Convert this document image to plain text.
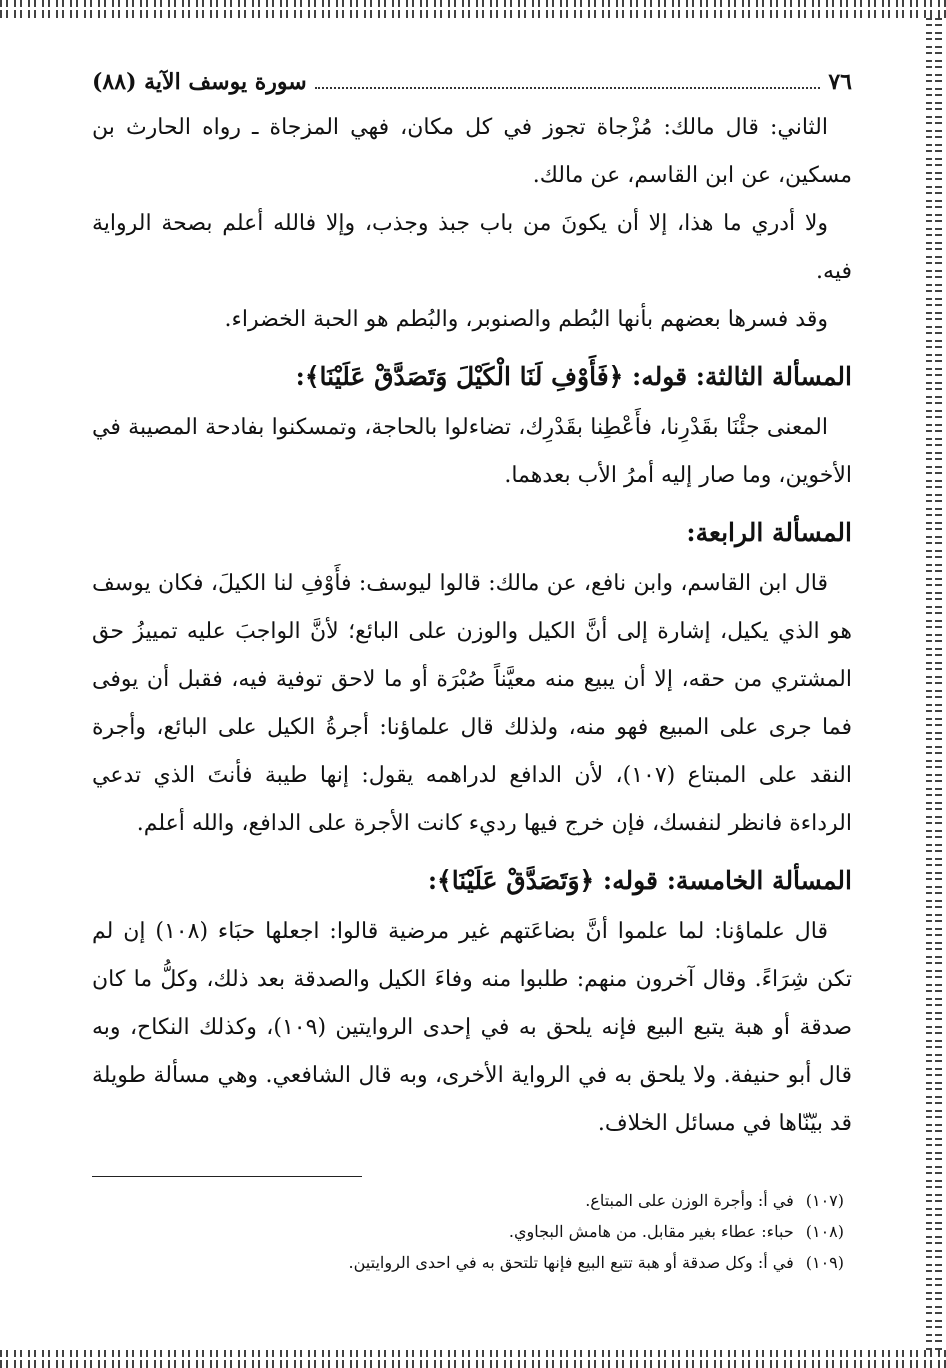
٧٦
سورة يوسف الآية (٨٨)

الثاني: قال مالك: مُزْجاة تجوز في كل مكان، فهي المزجاة ـ رواه الحارث بن مسكين، عن ابن القاسم، عن مالك.

ولا أدري ما هذا، إلا أن يكونَ من باب جبذ وجذب، وإلا فالله أعلم بصحة الرواية فيه.

وقد فسرها بعضهم بأنها البُطم والصنوبر، والبُطم هو الحبة الخضراء.

المسألة الثالثة: قوله: ﴿فَأَوْفِ لَنَا الْكَيْلَ وَتَصَدَّقْ عَلَيْنَا﴾:

المعنى جئْنَا بقَدْرِنا، فأَعْطِنا بقَدْرِك، تضاءلوا بالحاجة، وتمسكنوا بفادحة المصيبة في الأخوين، وما صار إليه أمرُ الأب بعدهما.

المسألة الرابعة:

قال ابن القاسم، وابن نافع، عن مالك: قالوا ليوسف: فأَوْفِ لنا الكيلَ، فكان يوسف هو الذي يكيل، إشارة إلى أنَّ الكيل والوزن على البائع؛ لأنَّ الواجبَ عليه تمييزُ حق المشتري من حقه، إلا أن يبيع منه معيَّناً صُبْرَة أو ما لاحق توفية فيه، فقبل أن يوفى فما جرى على المبيع فهو منه، ولذلك قال علماؤنا: أجرةُ الكيل على البائع، وأجرة النقد على المبتاع (١٠٧)، لأن الدافع لدراهمه يقول: إنها طيبة فأنتَ الذي تدعي الرداءة فانظر لنفسك، فإن خرج فيها رديء كانت الأجرة على الدافع، والله أعلم.

المسألة الخامسة: قوله: ﴿وَتَصَدَّقْ عَلَيْنَا﴾:

قال علماؤنا: لما علموا أنَّ بضاعَتهم غير مرضية قالوا: اجعلها حبَاء (١٠٨) إن لم تكن شِرَاءً. وقال آخرون منهم: طلبوا منه وفاءَ الكيل والصدقة بعد ذلك، وكلُّ ما كان صدقة أو هبة يتبع البيع فإنه يلحق به في إحدى الروايتين (١٠٩)، وكذلك النكاح، وبه قال أبو حنيفة. ولا يلحق به في الرواية الأخرى، وبه قال الشافعي. وهي مسألة طويلة قد بيّنّاها في مسائل الخلاف.

(١٠٧)في أ: وأجرة الوزن على المبتاع.

(١٠٨)حباء: عطاء بغير مقابل. من هامش البجاوي.

(١٠٩)في أ: وكل صدقة أو هبة تتبع البيع فإنها تلتحق به في احدى الروايتين.
